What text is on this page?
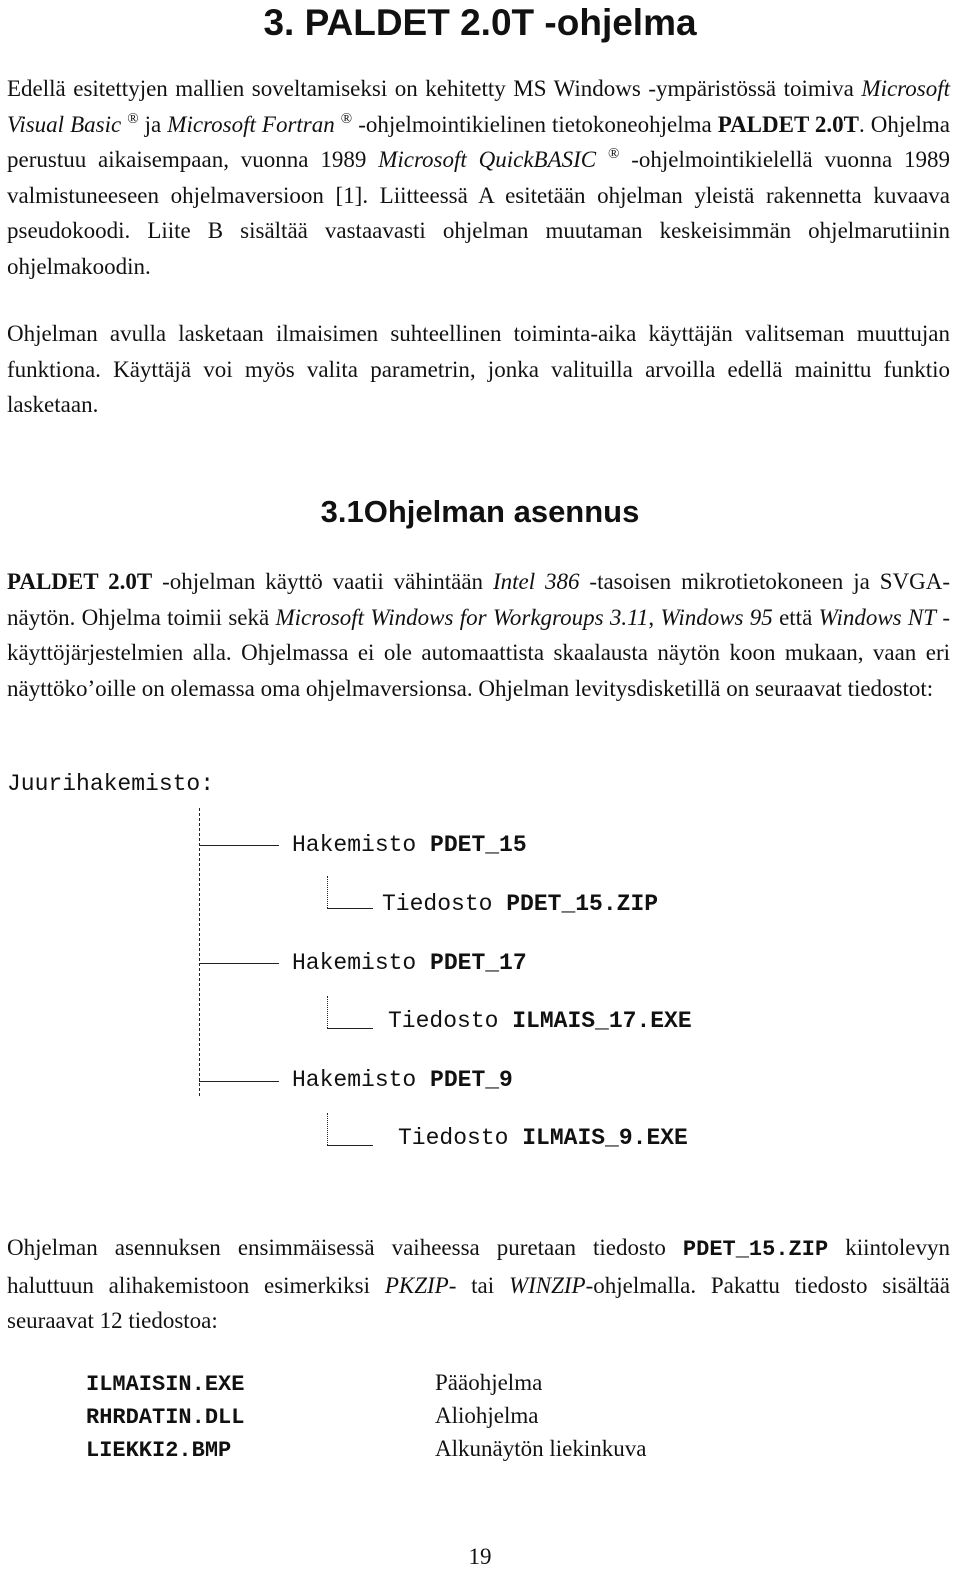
3. PALDET 2.0T -ohjelma

Edellä esitettyjen mallien soveltamiseksi on kehitetty MS Windows -ympäristössä toimiva Microsoft Visual Basic ® ja Microsoft Fortran ® -ohjelmointikielinen tietokoneohjelma PALDET 2.0T. Ohjelma perustuu aikaisempaan, vuonna 1989 Microsoft QuickBASIC ® -ohjelmointikielellä vuonna 1989 valmistuneeseen ohjelmaversioon [1]. Liitteessä A esitetään ohjelman yleistä rakennetta kuvaava pseudokoodi. Liite B sisältää vastaavasti ohjelman muutaman keskeisimmän ohjelmarutiinin ohjelmakoodin.

Ohjelman avulla lasketaan ilmaisimen suhteellinen toiminta-aika käyttäjän valitseman muuttujan funktiona. Käyttäjä voi myös valita parametrin, jonka valituilla arvoilla edellä mainittu funktio lasketaan.

3.1Ohjelman asennus

PALDET 2.0T -ohjelman käyttö vaatii vähintään Intel 386 -tasoisen mikrotietokoneen ja SVGA-näytön. Ohjelma toimii sekä Microsoft Windows for Workgroups 3.11, Windows 95 että Windows NT -käyttöjärjestelmien alla. Ohjelmassa ei ole automaattista skaalausta näytön koon mukaan, vaan eri näyttöko’oille on olemassa oma ohjelmaversionsa. Ohjelman levitysdisketillä on seuraavat tiedostot:

Juurihakemisto:
Hakemisto PDET_15
Tiedosto PDET_15.ZIP
Hakemisto PDET_17
Tiedosto ILMAIS_17.EXE
Hakemisto PDET_9
Tiedosto ILMAIS_9.EXE

Ohjelman asennuksen ensimmäisessä vaiheessa puretaan tiedosto PDET_15.ZIP kiintolevyn haluttuun alihakemistoon esimerkiksi PKZIP- tai WINZIP-ohjelmalla. Pakattu tiedosto sisältää seuraavat 12 tiedostoa:

ILMAISIN.EXE	Pääohjelma
RHRDATIN.DLL	Aliohjelma
LIEKKI2.BMP	Alkunäytön liekinkuva
19
